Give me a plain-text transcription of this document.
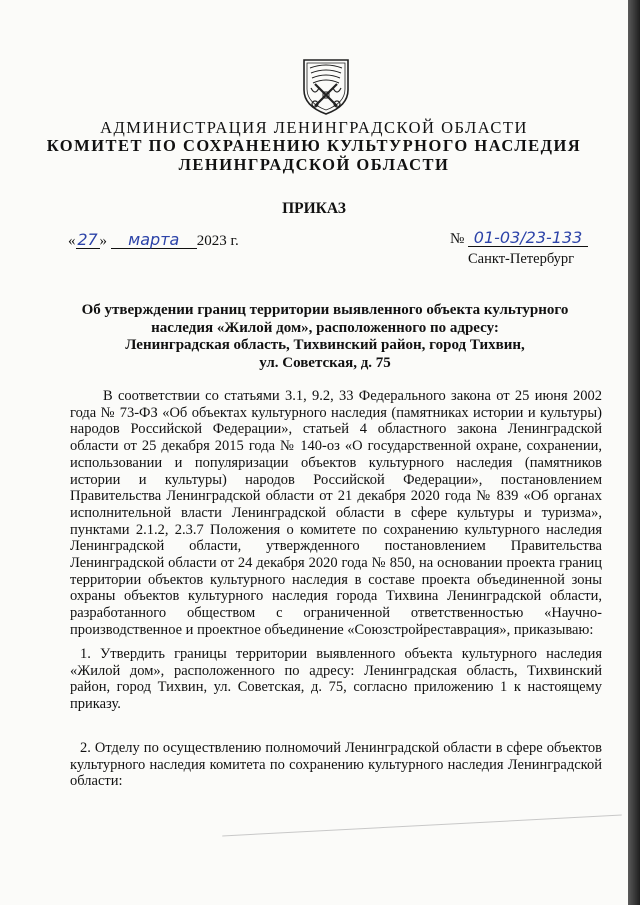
АДМИНИСТРАЦИЯ ЛЕНИНГРАДСКОЙ ОБЛАСТИ
КОМИТЕТ ПО СОХРАНЕНИЮ КУЛЬТУРНОГО НАСЛЕДИЯ
ЛЕНИНГРАДСКОЙ ОБЛАСТИ
ПРИКАЗ
« 27 » марта 2023 г.	№ 01-03/23-133
Санкт-Петербург
Об утверждении границ территории выявленного объекта культурного
наследия «Жилой дом», расположенного по адресу:
Ленинградская область, Тихвинский район, город Тихвин,
ул. Советская, д. 75
В соответствии со статьями 3.1, 9.2, 33 Федерального закона от 25 июня 2002 года № 73-ФЗ «Об объектах культурного наследия (памятниках истории и культуры) народов Российской Федерации», статьей 4 областного закона Ленинградской области от 25 декабря 2015 года № 140-оз «О государственной охране, сохранении, использовании и популяризации объектов культурного наследия (памятников истории и культуры) народов Российской Федерации», постановлением Правительства Ленинградской области от 21 декабря 2020 года № 839 «Об органах исполнительной власти Ленинградской области в сфере культуры и туризма», пунктами 2.1.2, 2.3.7 Положения о комитете по сохранению культурного наследия Ленинградской области, утвержденного постановлением Правительства Ленинградской области от 24 декабря 2020 года № 850, на основании проекта границ территории объектов культурного наследия в составе проекта объединенной зоны охраны объектов культурного наследия города Тихвина Ленинградской области, разработанного обществом с ограниченной ответственностью «Научно-производственное и проектное объединение «Союзстройреставрация», приказываю:
1. Утвердить границы территории выявленного объекта культурного наследия «Жилой дом», расположенного по адресу: Ленинградская область, Тихвинский район, город Тихвин, ул. Советская, д. 75, согласно приложению 1 к настоящему приказу.
2. Отделу по осуществлению полномочий Ленинградской области в сфере объектов культурного наследия комитета по сохранению культурного наследия Ленинградской области:
